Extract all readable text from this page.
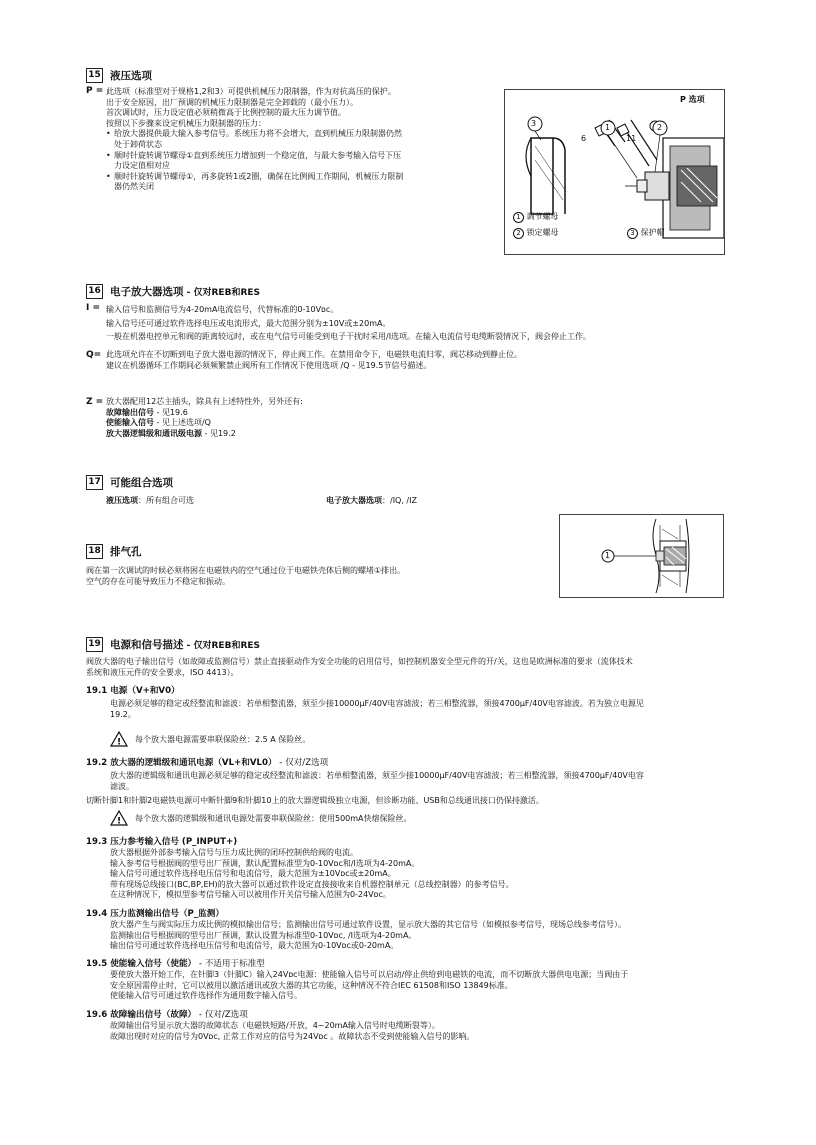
15 液压选项
P = 此选项（标准型对于规格1,2和3）可提供机械压力限制器，作为对抗高压的保护。
出于安全原因，出厂预调的机械压力限制器是完全卸载的（最小压力）。
首次调试时，压力设定值必须稍微高于比例控制的最大压力调节值。
按照以下步骤来设定机械压力限制器的压力：
• 给放大器提供最大输入参考信号。系统压力将不会增大，直到机械压力限制器仍然
处于卸荷状态
• 顺时针旋转调节螺母①直到系统压力增加到一个稳定值，与最大参考输入信号下压
力设定值相对应
• 顺时针旋转调节螺母①，再多旋转1或2圈，确保在比例阀工作期间，机械压力限制
器仍然关闭
P 选项
3	1	2
6	11
1 调节螺母
2 锁定螺母	3 保护帽
16 电子放大器选项 - 仅对REB和RES
I = 输入信号和监测信号为4-20mA电流信号，代替标准的0-10Vᴅᴄ。
输入信号还可通过软件选择电压或电流形式，最大范围分别为±10V或±20mA。
一般在机器电控单元和阀的距离较远时，或在电气信号可能受到电子干扰时采用/I选项。在输入电流信号电缆断裂情况下，阀会停止工作。
Q= 此选项允许在不切断到电子放大器电源的情况下，停止阀工作。在禁用命令下，电磁铁电流归零，阀芯移动到静止位。
建议在机器循环工作期间必须频繁禁止阀所有工作情况下使用选项 /Q - 见19.5节信号描述。
Z = 放大器配用12芯主插头，除具有上述特性外，另外还有:
故障输出信号 - 见19.6
使能输入信号 - 见上述选项/Q
放大器逻辑级和通讯级电源 - 见19.2
17 可能组合选项
液压选项：所有组合可选	电子放大器选项：/IQ, /IZ
18 排气孔
阀在第一次调试的时候必须将困在电磁铁内的空气通过位于电磁铁壳体后侧的螺堵①排出。
空气的存在可能导致压力不稳定和振动。
1
19 电源和信号描述 - 仅对REB和RES
阀放大器的电子输出信号（如故障或监测信号）禁止直接驱动作为安全功能的启用信号，如控制机器安全型元件的开/关，这也是欧洲标准的要求（流体技术
系统和液压元件的安全要求，ISO 4413）。
19.1 电源（V+和V0）
电源必须足够的稳定或经整流和滤波：若单相整流器，须至少接10000μF/40V电容滤波；若三相整流器，须接4700μF/40V电容滤波。若为独立电源见
19.2。
! 每个放大器电源需要串联保险丝：2.5 A 保险丝。
19.2 放大器的逻辑级和通讯电源（VL+和VL0） - 仅对/Z选项
放大器的逻辑级和通讯电源必须足够的稳定或经整流和滤波：若单相整流器，须至少接10000μF/40V电容滤波；若三相整流器，须接4700μF/40V电容
滤波。
切断针脚1和针脚2电磁铁电源可中断针脚9和针脚10上的放大器逻辑级独立电源，但诊断功能、USB和总线通讯接口仍保持激活。
! 每个放大器的逻辑级和通讯电源处需要串联保险丝：使用500mA快熔保险丝。
19.3 压力参考输入信号 (P_INPUT+)
放大器根据外部参考输入信号与压力成比例的闭环控制供给阀的电流。
输入参考信号根据阀的型号出厂预调，默认配置标准型为0-10Vᴅᴄ和/I选项为4-20mA。
输入信号可通过软件选择电压信号和电流信号，最大范围为±10Vᴅᴄ或±20mA。
带有现场总线接口(BC,BP,EH)的放大器可以通过软件设定直接接收来自机器控制单元（总线控制器）的参考信号。
在这种情况下，模拟型参考信号输入可以被用作开关信号输入范围为0-24Vᴅᴄ。
19.4 压力监测输出信号（P_监测）
放大器产生与阀实际压力成比例的模拟输出信号；监测输出信号可通过软件设置，显示放大器的其它信号（如模拟参考信号，现场总线参考信号）。
监测输出信号根据阀的型号出厂预调，默认设置为标准型0-10Vᴅᴄ, /I选项为4-20mA。
输出信号可通过软件选择电压信号和电流信号，最大范围为0-10Vᴅᴄ或0-20mA。
19.5 使能输入信号（使能） - 不适用于标准型
要使放大器开始工作，在针脚3（针脚C）输入24Vᴅᴄ电源：使能输入信号可以启动/停止供给到电磁铁的电流，而不切断放大器供电电源；当阀由于
安全原因需停止时，它可以被用以激活通讯或放大器的其它功能，这种情况不符合IEC 61508和ISO 13849标准。
使能输入信号可通过软件选择作为通用数字输入信号。
19.6 故障输出信号（故障） - 仅对/Z选项
故障输出信号显示放大器的故障状态（电磁铁短路/开放，4~20mA输入信号时电缆断裂等）。
故障出现时对应的信号为0Vᴅᴄ, 正常工作对应的信号为24Vᴅᴄ 。故障状态不受到使能输入信号的影响。
